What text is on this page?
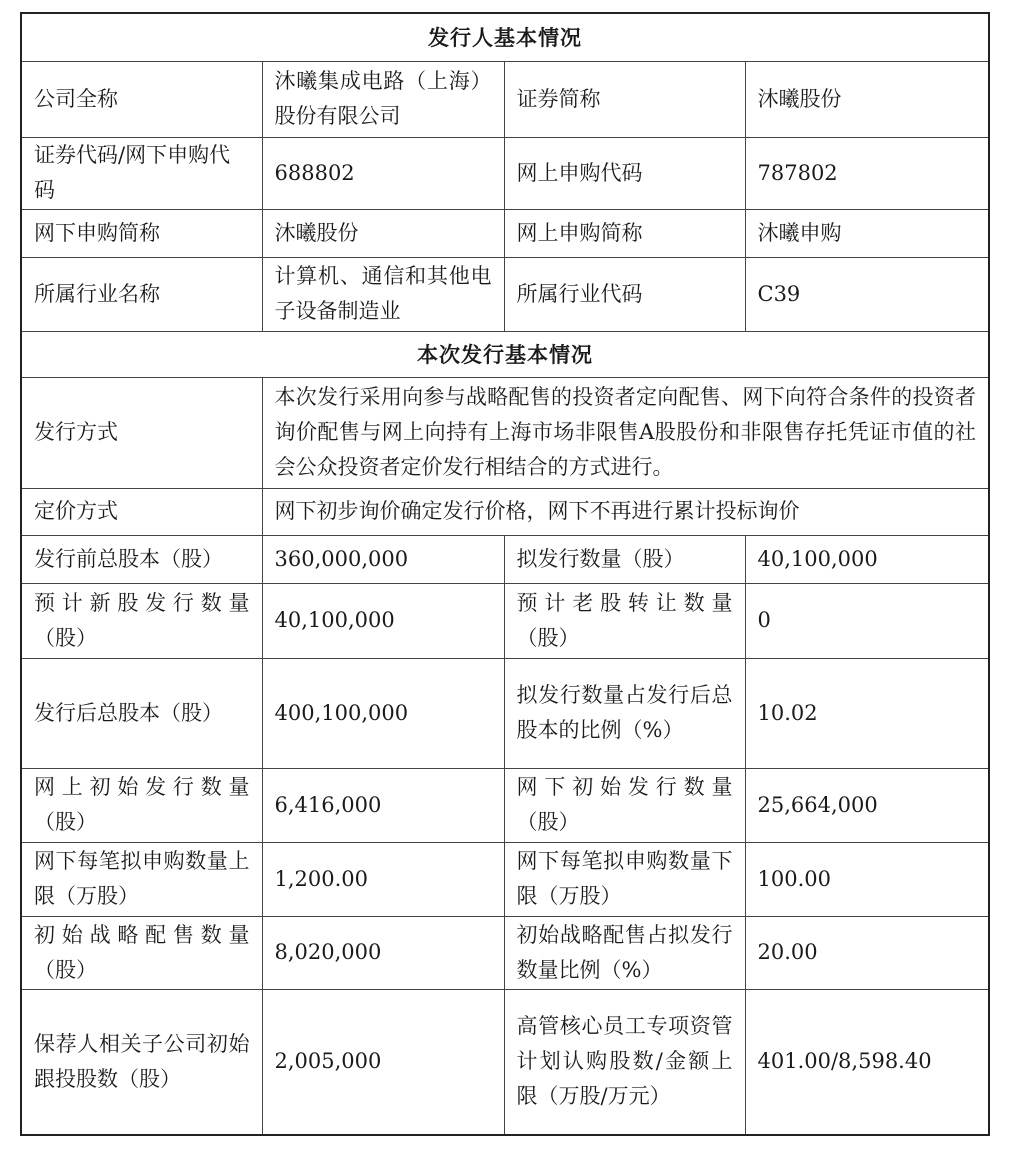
发行人基本情况			
公司全称	沐曦集成电路（上海）股份有限公司	证券简称	沐曦股份
证券代码/网下申购代码	688802	网上申购代码	787802
网下申购简称	沐曦股份	网上申购简称	沐曦申购
所属行业名称	计算机、通信和其他电子设备制造业	所属行业代码	C39
本次发行基本情况			
发行方式	本次发行采用向参与战略配售的投资者定向配售、网下向符合条件的投资者询价配售与网上向持有上海市场非限售A股股份和非限售存托凭证市值的社会公众投资者定价发行相结合的方式进行。		
定价方式	网下初步询价确定发行价格，网下不再进行累计投标询价		
发行前总股本（股）	360,000,000	拟发行数量（股）	40,100,000
预计新股发行数量（股）	40,100,000	预计老股转让数量（股）	0
发行后总股本（股）	400,100,000	拟发行数量占发行后总股本的比例（%）	10.02
网上初始发行数量（股）	6,416,000	网下初始发行数量（股）	25,664,000
网下每笔拟申购数量上限（万股）	1,200.00	网下每笔拟申购数量下限（万股）	100.00
初始战略配售数量（股）	8,020,000	初始战略配售占拟发行数量比例（%）	20.00
保荐人相关子公司初始跟投股数（股）	2,005,000	高管核心员工专项资管计划认购股数/金额上限（万股/万元）	401.00/8,598.40
